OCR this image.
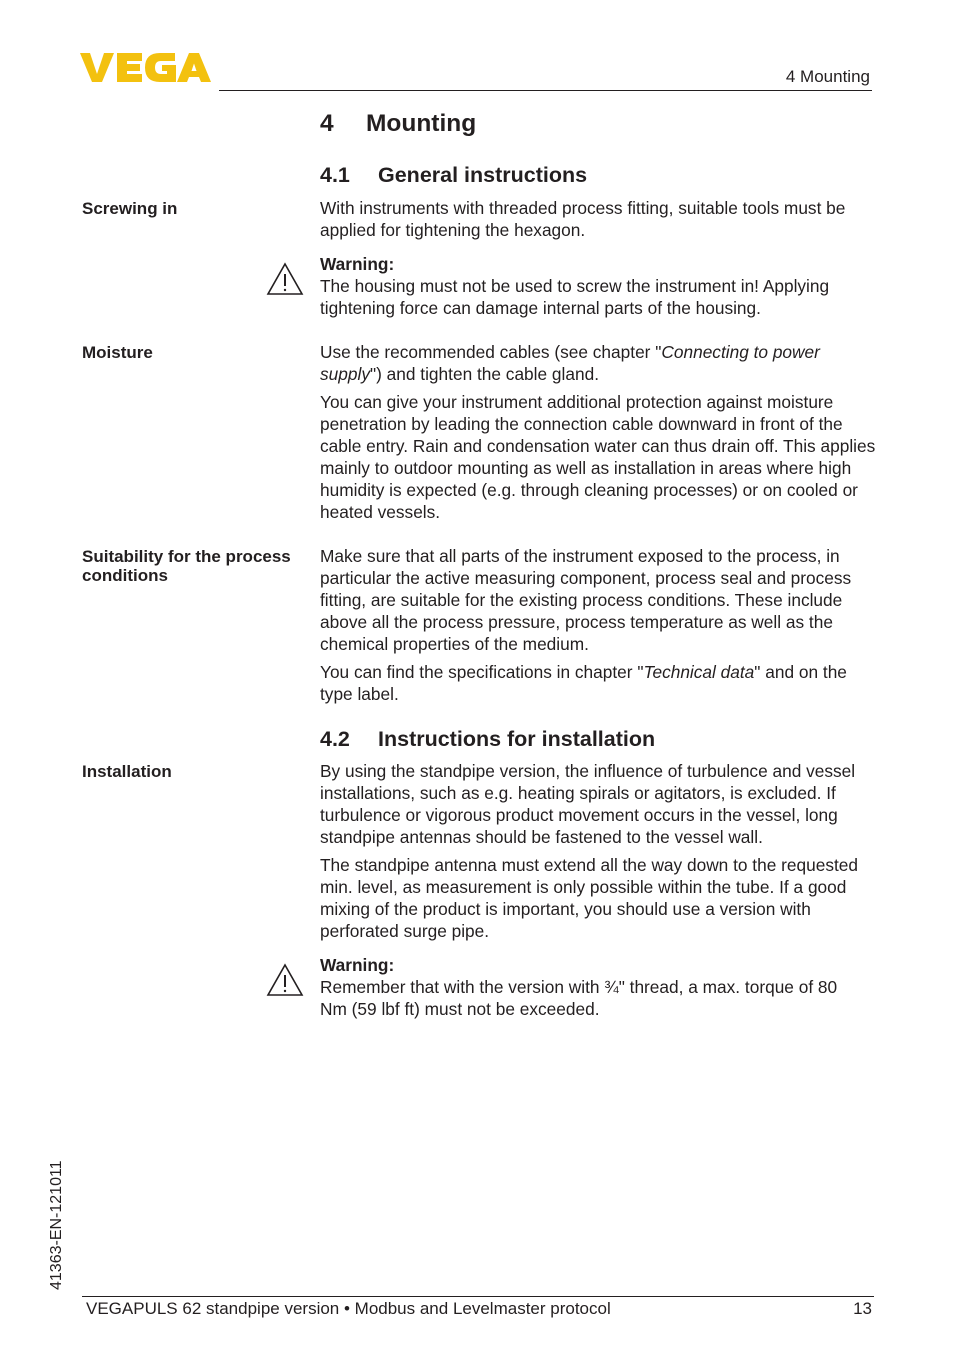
4 Mounting
4 Mounting
4.1 General instructions
Screwing in	With instruments with threaded process fitting, suitable tools must be applied for tightening the hexagon.

Warning:

The housing must not be used to screw the instrument in! Applying tightening force can damage internal parts of the housing.

Moisture	Use the recommended cables (see chapter "Connecting to power supply") and tighten the cable gland.

You can give your instrument additional protection against moisture penetration by leading the connection cable downward in front of the cable entry. Rain and condensation water can thus drain off. This applies mainly to outdoor mounting as well as installation in areas where high humidity is expected (e.g. through cleaning processes) or on cooled or heated vessels.

Suitability for the process conditions

Make sure that all parts of the instrument exposed to the process, in particular the active measuring component, process seal and process fitting, are suitable for the existing process conditions. These include above all the process pressure, process temperature as well as the chemical properties of the medium.

You can find the specifications in chapter "Technical data" and on the type label.

4.2 Instructions for installation
Installation	By using the standpipe version, the influence of turbulence and vessel installations, such as e.g. heating spirals or agitators, is excluded. If turbulence or vigorous product movement occurs in the vessel, long standpipe antennas should be fastened to the vessel wall.

The standpipe antenna must extend all the way down to the requested min. level, as measurement is only possible within the tube. If a good mixing of the product is important, you should use a version with perforated surge pipe.

Warning:

Remember that with the version with ¾" thread, a max. torque of 80 Nm (59 lbf ft) must not be exceeded.

41363-EN-121011
VEGAPULS 62 standpipe version • Modbus and Levelmaster protocol	13
